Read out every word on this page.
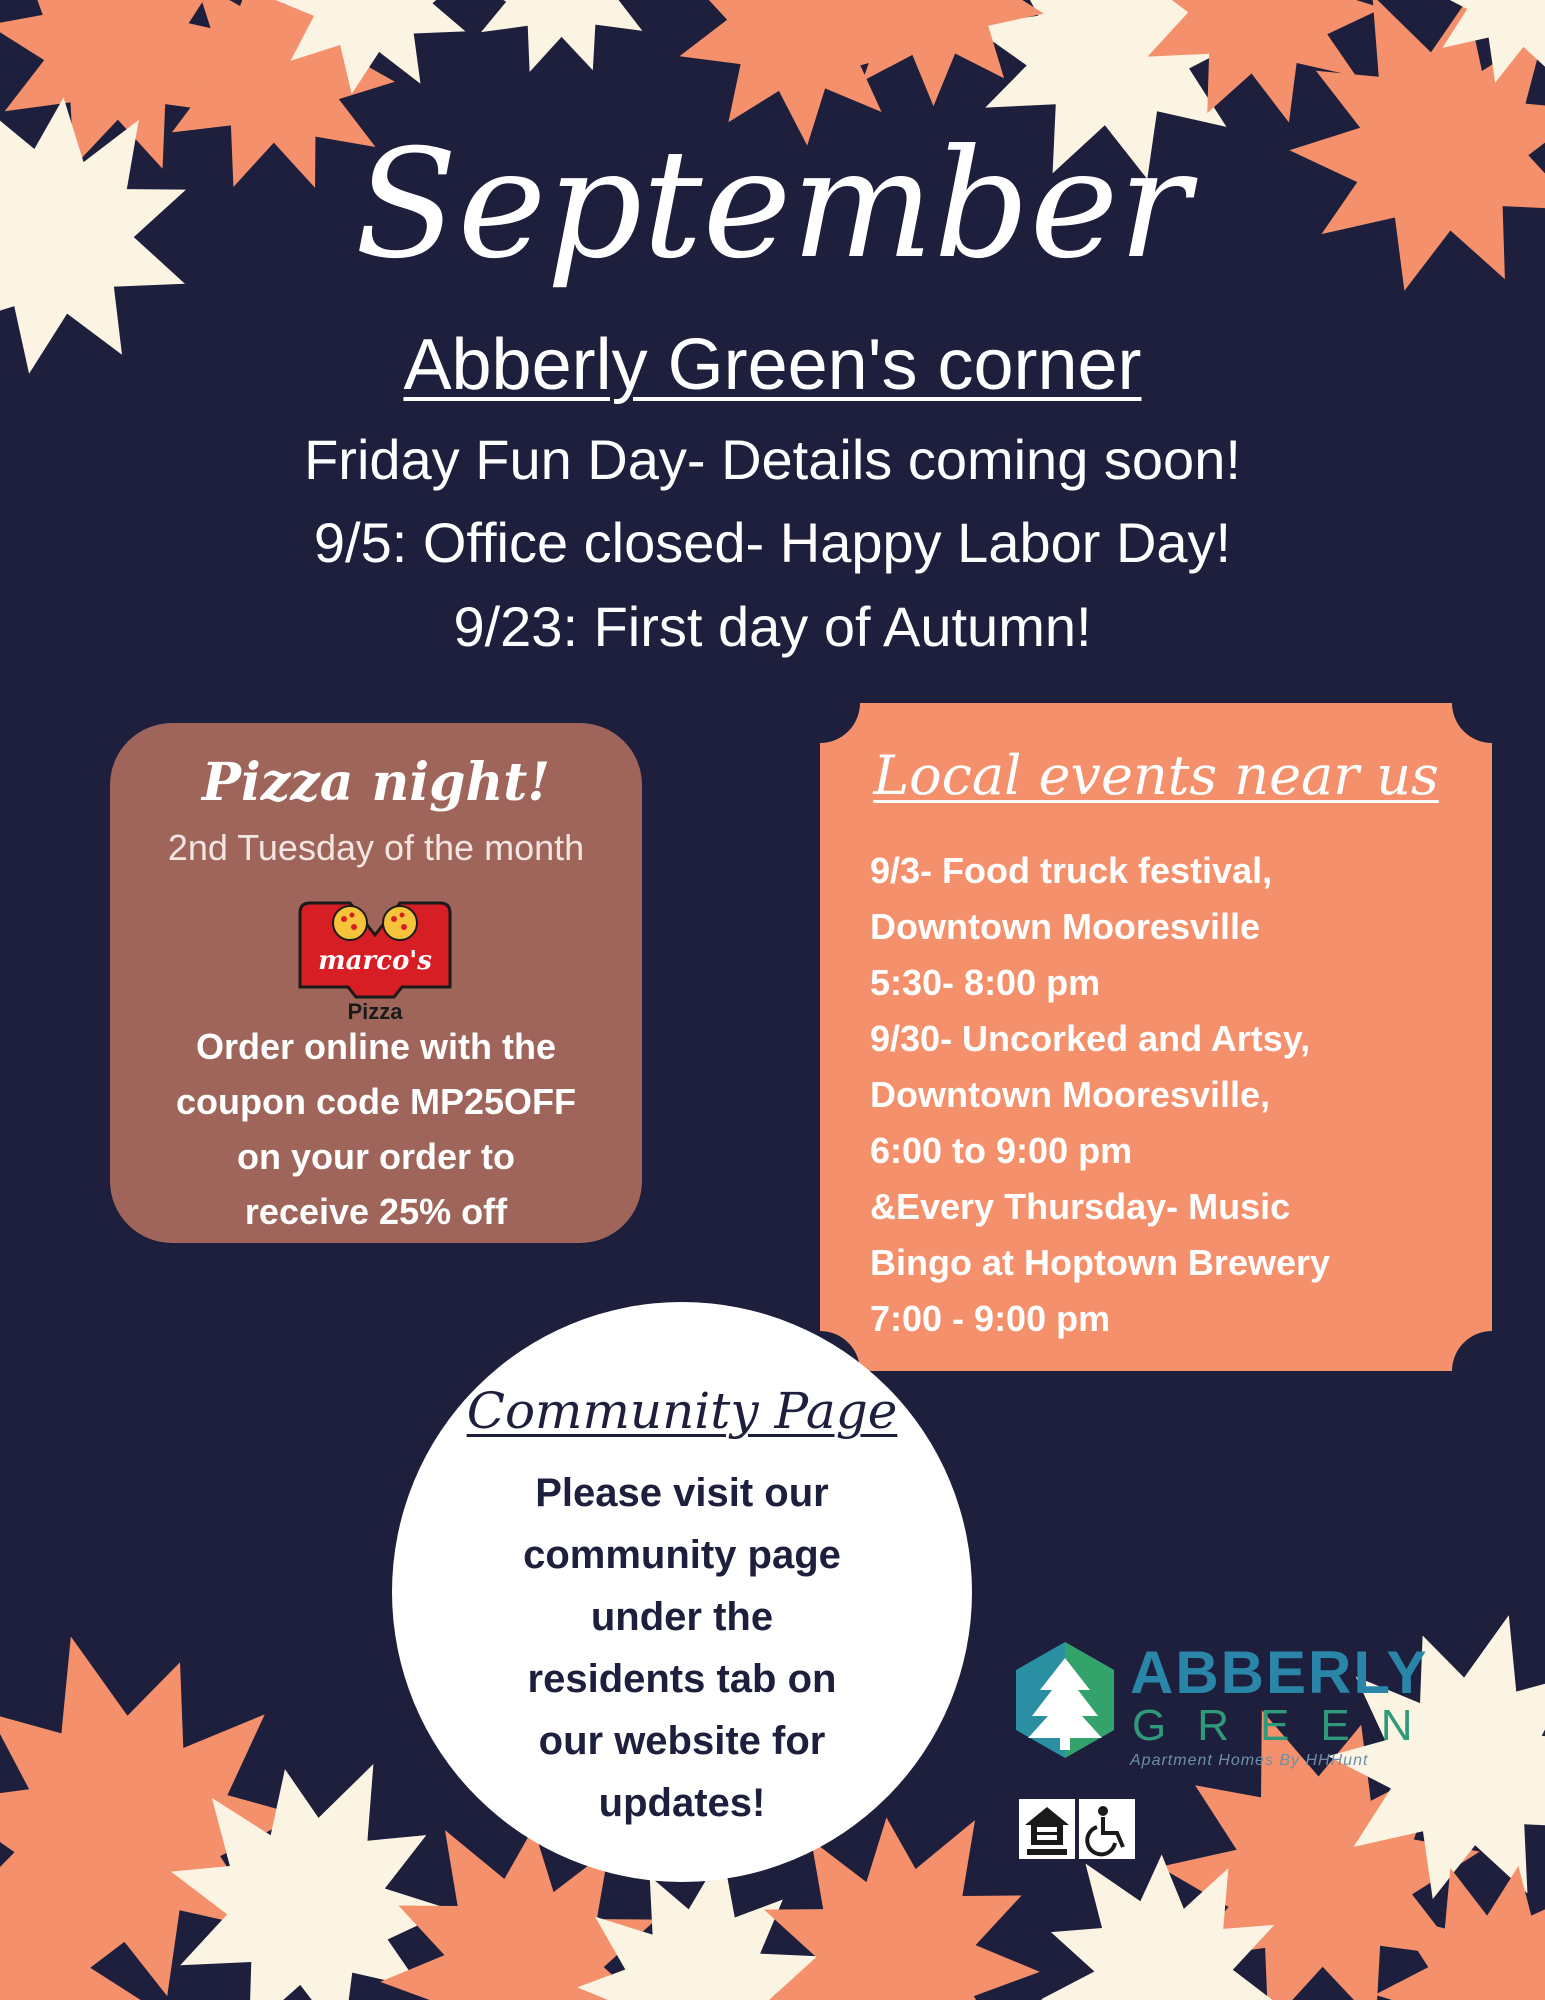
September
Abberly Green's corner
Friday Fun Day- Details coming soon!
9/5: Office closed- Happy Labor Day!
9/23: First day of Autumn!
Pizza night!
2nd Tuesday of the month
marco's
Pizza
Order online with the
coupon code MP25OFF
on your order to
receive 25% off
Local events near us
9/3- Food truck festival,
Downtown Mooresville
5:30- 8:00 pm
9/30- Uncorked and Artsy,
Downtown Mooresville,
6:00 to 9:00 pm
&Every Thursday- Music
Bingo at Hoptown Brewery
7:00 - 9:00 pm
Community Page
Please visit our
community page
under the
residents tab on
our website for
updates!
ABBERLY
GREEN
Apartment Homes By HHHunt
